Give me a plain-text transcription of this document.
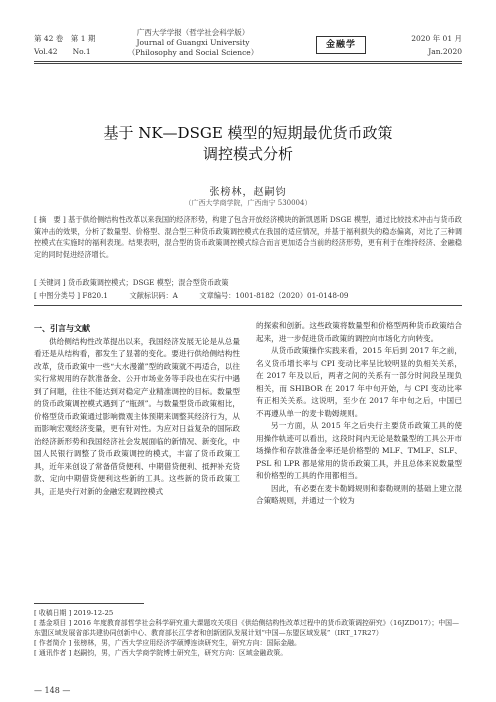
第 42 卷　第 1 期
Vol.42　　No.1
广西大学学报（哲学社会科学版）
Journal of Guangxi University
（Philosophy and Social Science）
金融学
2020 年 01 月
Jan.2020
基于 NK—DSGE 模型的短期最优货币政策
调控模式分析
张榜林，赵嗣钧
（广西大学商学院，广西南宁 530004）
[ 摘　要 ] 基于供给侧结构性改革以来我国的经济形势，构建了包含开放经济模块的新凯恩斯 DSGE 模型，通过比较技术冲击与货币政策冲击的效果，分析了数量型、价格型、混合型三种货币政策调控模式在我国的适应情况，并基于福利损失的稳态偏离，对比了三种调控模式在实施时的福利表现。结果表明，混合型的货币政策调控模式综合而言更加适合当前的经济形势，更有利于在维持经济、金融稳定的同时促进经济增长。
[ 关键词 ] 货币政策调控模式；DSGE 模型；混合型货币政策
[ 中图分类号 ] F820.1　　　文献标识码：A　　　文章编号：1001-8182（2020）01-0148-09
一、引言与文献

供给侧结构性改革提出以来，我国经济发展无论是从总量看还是从结构看，都发生了显著的变化。要进行供给侧结构性改革，货币政策中一些“大水漫灌”型的政策就不再适合，以往实行常规用的存款准备金、公开市场业务等手段也在实行中遇到了问题，往往不能达到对稳定产业精准调控的目标。数量型的货币政策调控模式遇到了“瓶颈”。与数量型货币政策相比，价格型货币政策通过影响微观主体预期来调整其经济行为，从而影响宏观经济变量，更有针对性。为应对日益复杂的国际政治经济新形势和我国经济社会发展面临的新情况、新变化，中国人民银行调整了货币政策调控的模式，丰富了货币政策工具，近年来创设了常备借贷便利、中期借贷便利、抵押补充贷款、定向中期借贷便利这些新的工具。这些新的货币政策工具，正是央行对新的金融宏观调控模式

的探索和创新。这些政策将数量型和价格型两种货币政策结合起来，进一步促进货币政策的调控向市场化方向转变。

从货币政策操作实践来看，2015 年后到 2017 年之前，名义货币增长率与 CPI 变动比率呈比较明显的负相关关系，在 2017 年及以后，两者之间的关系有一部分时间段呈现负相关，而 SHIBOR 在 2017 年中旬开始，与 CPI 变动比率有正相关关系。这说明，至少在 2017 年中旬之后，中国已不再遵从单一的麦卡勒姆规则。

另一方面，从 2015 年之后央行主要货币政策工具的使用操作轨迹可以看出，这段时间内无论是数量型的工具公开市场操作和存款准备金率还是价格型的 MLF、TMLF、SLF、PSL 和 LPR 都是常用的货币政策工具，并且总体来说数量型和价格型的工具的作用都相当。

因此，有必要在麦卡勒姆规则和泰勒规则的基础上建立混合策略规则，并通过一个较为

[ 收稿日期 ] 2019-12-25
[ 基金项目 ] 2016 年度教育部哲学社会科学研究重大课题攻关项目《供给侧结构性改革过程中的货币政策调控研究》（16JZD017）；中国—东盟区域发展省部共建协同创新中心、教育部长江学者和创新团队发展计划“中国—东盟区域发展”（IRT_17R27）
[ 作者简介 ] 张榜林，男，广西大学应用经济学硕博连读研究生，研究方向：国际金融。
[ 通讯作者 ] 赵嗣钧，男，广西大学商学院博士研究生，研究方向：区域金融政策。
— 148 —
